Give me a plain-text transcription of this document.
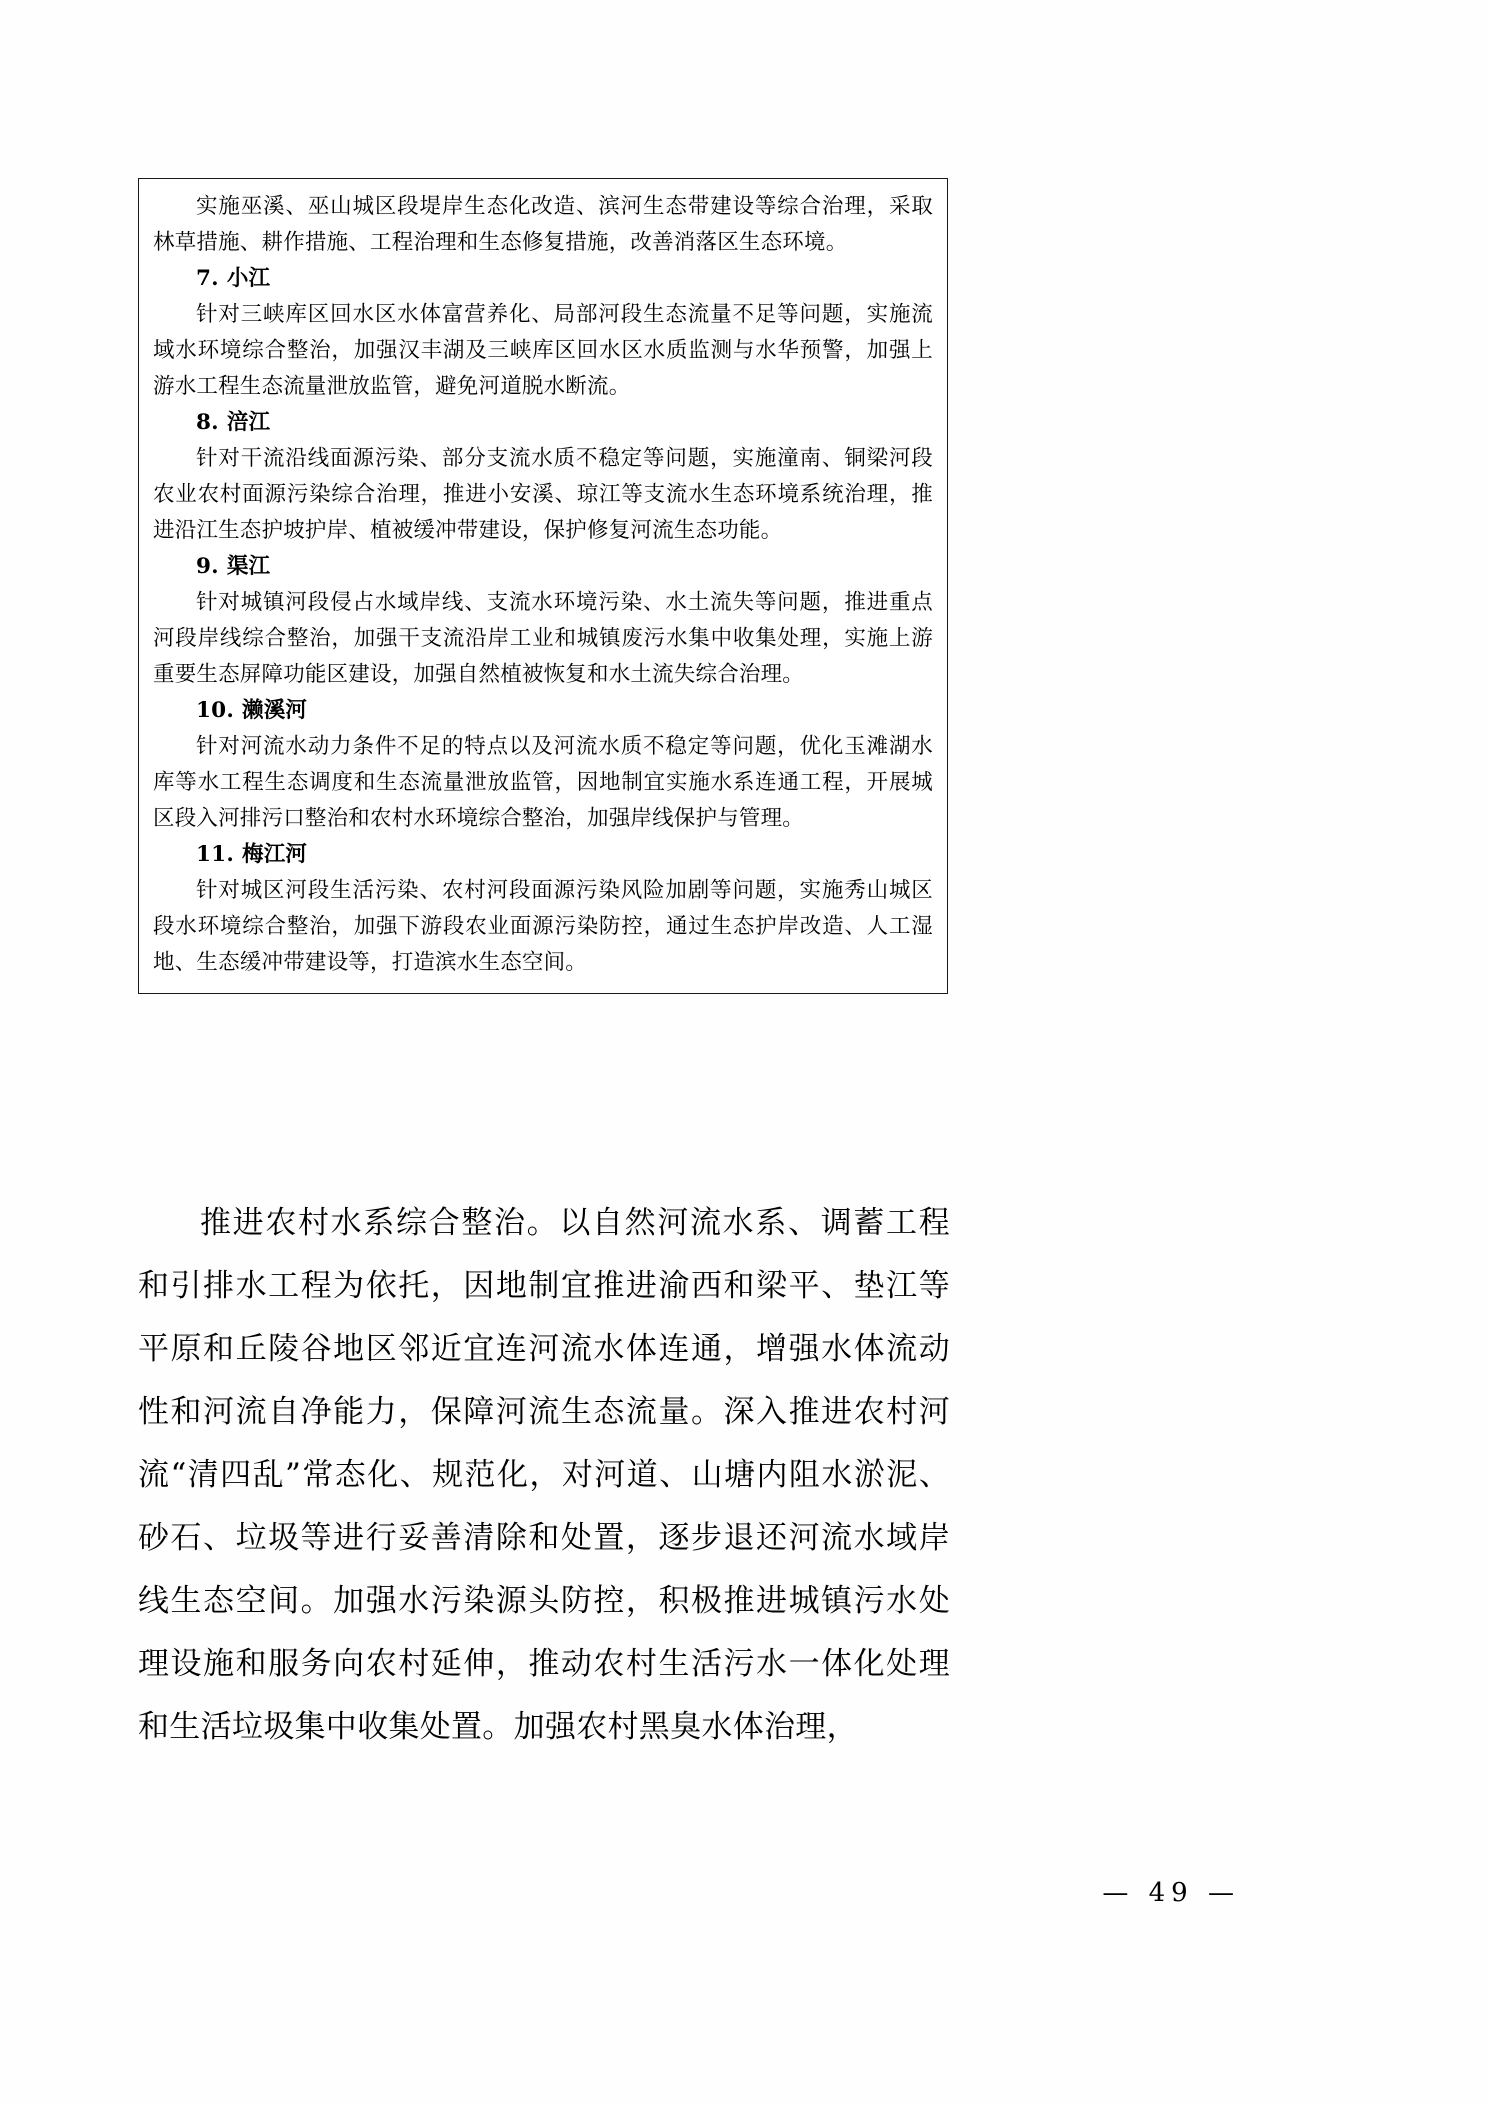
实施巫溪、巫山城区段堤岸生态化改造、滨河生态带建设等综合治理，采取林草措施、耕作措施、工程治理和生态修复措施，改善消落区生态环境。

7. 小江

针对三峡库区回水区水体富营养化、局部河段生态流量不足等问题，实施流域水环境综合整治，加强汉丰湖及三峡库区回水区水质监测与水华预警，加强上游水工程生态流量泄放监管，避免河道脱水断流。

8. 涪江

针对干流沿线面源污染、部分支流水质不稳定等问题，实施潼南、铜梁河段农业农村面源污染综合治理，推进小安溪、琼江等支流水生态环境系统治理，推进沿江生态护坡护岸、植被缓冲带建设，保护修复河流生态功能。

9. 渠江

针对城镇河段侵占水域岸线、支流水环境污染、水土流失等问题，推进重点河段岸线综合整治，加强干支流沿岸工业和城镇废污水集中收集处理，实施上游重要生态屏障功能区建设，加强自然植被恢复和水土流失综合治理。

10. 濑溪河

针对河流水动力条件不足的特点以及河流水质不稳定等问题，优化玉滩湖水库等水工程生态调度和生态流量泄放监管，因地制宜实施水系连通工程，开展城区段入河排污口整治和农村水环境综合整治，加强岸线保护与管理。

11. 梅江河

针对城区河段生活污染、农村河段面源污染风险加剧等问题，实施秀山城区段水环境综合整治，加强下游段农业面源污染防控，通过生态护岸改造、人工湿地、生态缓冲带建设等，打造滨水生态空间。

推进农村水系综合整治。以自然河流水系、调蓄工程和引排水工程为依托，因地制宜推进渝西和梁平、垫江等平原和丘陵谷地区邻近宜连河流水体连通，增强水体流动性和河流自净能力，保障河流生态流量。深入推进农村河流“清四乱”常态化、规范化，对河道、山塘内阻水淤泥、砂石、垃圾等进行妥善清除和处置，逐步退还河流水域岸线生态空间。加强水污染源头防控，积极推进城镇污水处理设施和服务向农村延伸，推动农村生活污水一体化处理和生活垃圾集中收集处置。加强农村黑臭水体治理，
— 49 —
